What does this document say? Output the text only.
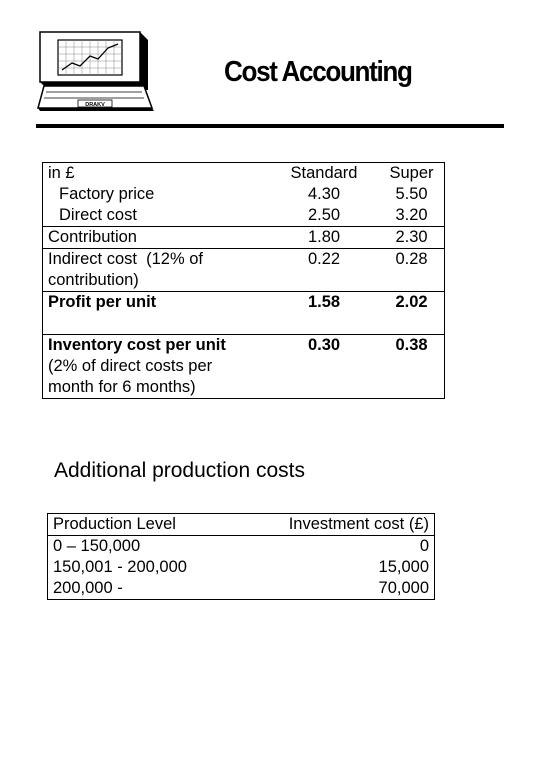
DRAKV
Cost Accounting
in £	Standard	Super
Factory price	4.30	5.50
Direct cost	2.50	3.20
Contribution	1.80	2.30

Indirect cost  (12% of
contribution)	0.22	0.28
Profit per unit	1.58	2.02

Inventory cost per unit
(2% of direct costs per
month for 6 months)	0.30	0.38
Additional production costs
Production Level	Investment cost (£)
0 – 150,000	0
150,001 - 200,000	15,000
200,000 -	70,000
